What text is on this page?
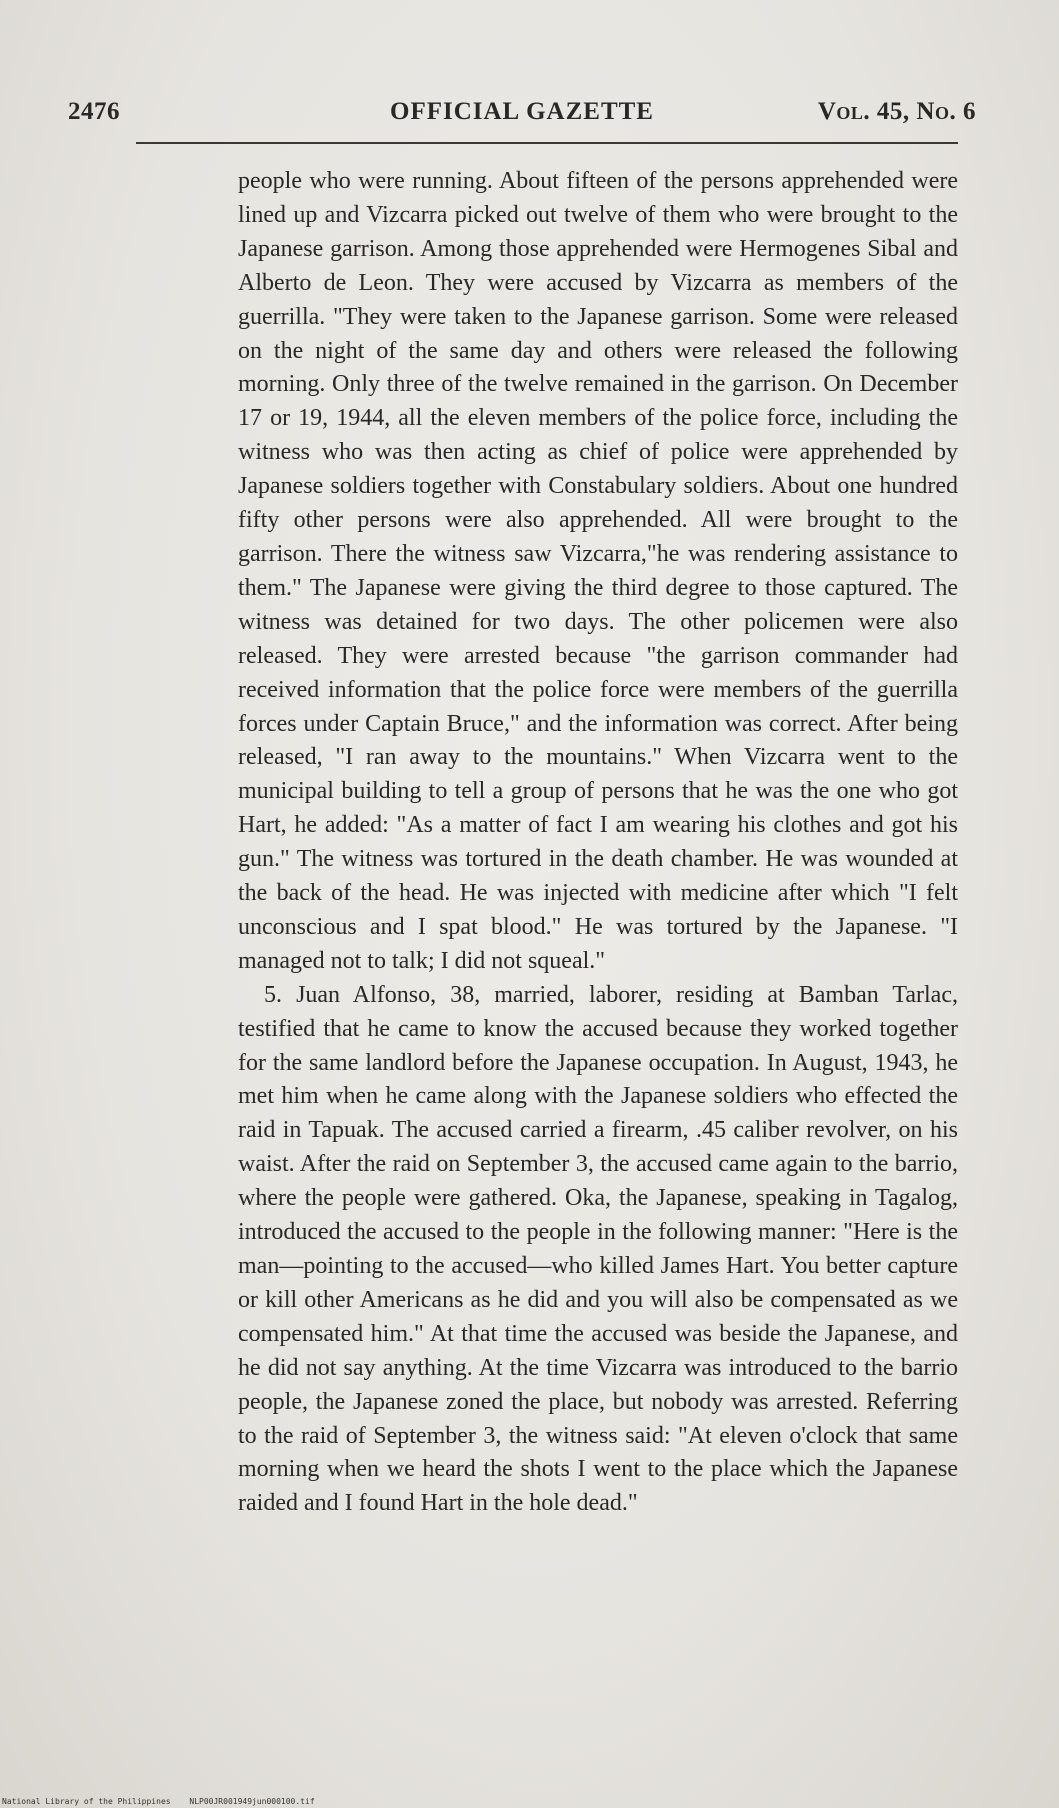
2476	OFFICIAL GAZETTE	Vol. 45, No. 6

people who were running. About fifteen of the persons apprehended were lined up and Vizcarra picked out twelve of them who were brought to the Japanese garrison. Among those apprehended were Hermogenes Sibal and Alberto de Leon. They were accused by Vizcarra as members of the guerrilla. "They were taken to the Japanese garrison. Some were released on the night of the same day and others were released the following morning. Only three of the twelve remained in the garrison. On December 17 or 19, 1944, all the eleven members of the police force, including the witness who was then acting as chief of police were apprehended by Japanese soldiers together with Constabulary soldiers. About one hundred fifty other persons were also apprehended. All were brought to the garrison. There the witness saw Vizcarra,"he was rendering assistance to them." The Japanese were giving the third degree to those captured. The witness was detained for two days. The other policemen were also released. They were arrested because "the garrison commander had received information that the police force were members of the guerrilla forces under Captain Bruce," and the information was correct. After being released, "I ran away to the mountains." When Vizcarra went to the municipal building to tell a group of persons that he was the one who got Hart, he added: "As a matter of fact I am wearing his clothes and got his gun." The witness was tortured in the death chamber. He was wounded at the back of the head. He was injected with medicine after which "I felt unconscious and I spat blood." He was tortured by the Japanese. "I managed not to talk; I did not squeal."

5. Juan Alfonso, 38, married, laborer, residing at Bamban Tarlac, testified that he came to know the accused because they worked together for the same landlord before the Japanese occupation. In August, 1943, he met him when he came along with the Japanese soldiers who effected the raid in Tapuak. The accused carried a firearm, .45 caliber revolver, on his waist. After the raid on September 3, the accused came again to the barrio, where the people were gathered. Oka, the Japanese, speaking in Tagalog, introduced the accused to the people in the following manner: "Here is the man—pointing to the accused—who killed James Hart. You better capture or kill other Americans as he did and you will also be compensated as we compensated him." At that time the accused was beside the Japanese, and he did not say anything. At the time Vizcarra was introduced to the barrio people, the Japanese zoned the place, but nobody was arrested. Referring to the raid of September 3, the witness said: "At eleven o'clock that same morning when we heard the shots I went to the place which the Japanese raided and I found Hart in the hole dead."

National Library of the Philippines NLP00JR001949jun000100.tif
